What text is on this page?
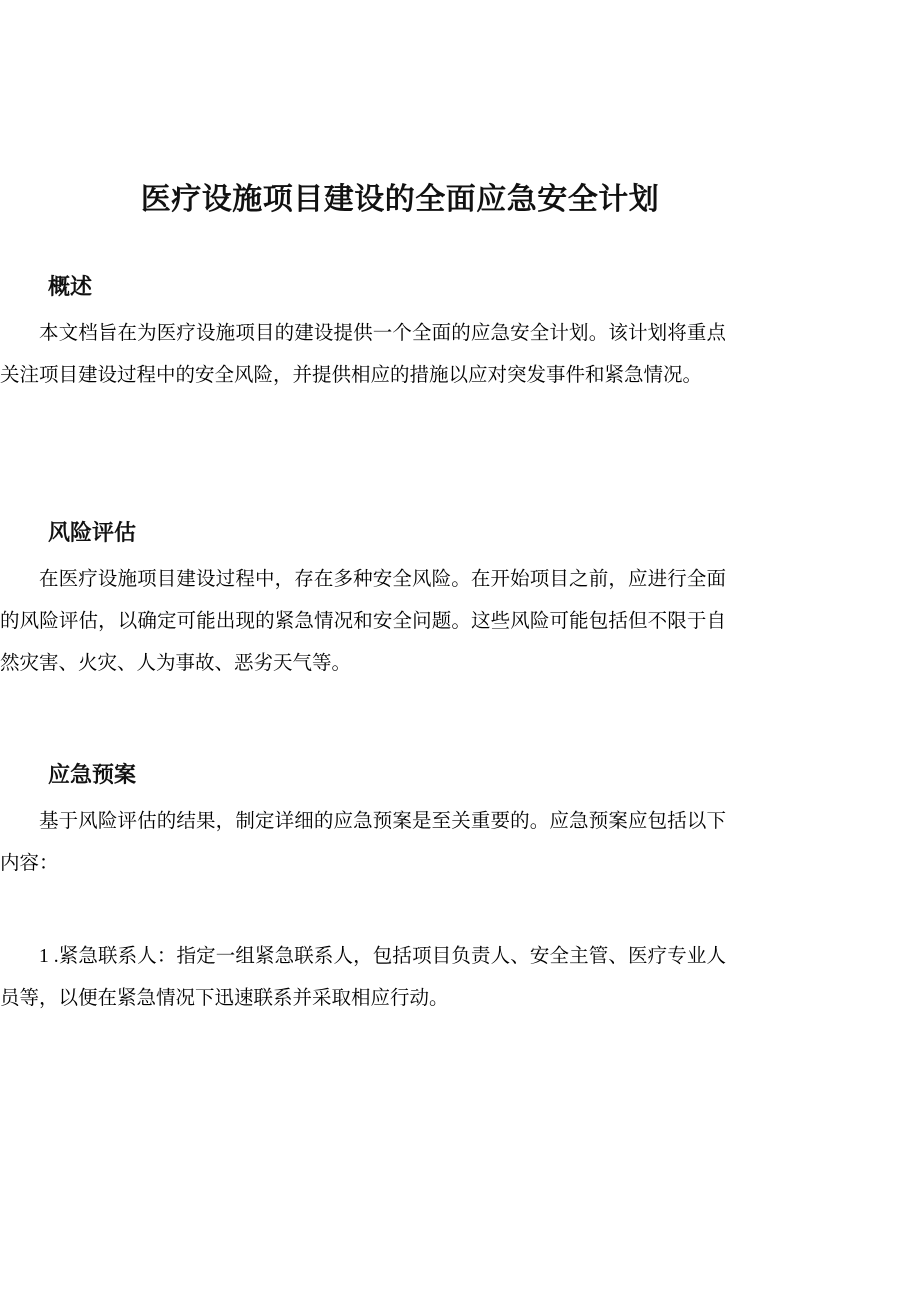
医疗设施项目建设的全面应急安全计划
概述

本文档旨在为医疗设施项目的建设提供一个全面的应急安全计划。该计划将重点关注项目建设过程中的安全风险，并提供相应的措施以应对突发事件和紧急情况。

风险评估

在医疗设施项目建设过程中，存在多种安全风险。在开始项目之前，应进行全面的风险评估，以确定可能出现的紧急情况和安全问题。这些风险可能包括但不限于自然灾害、火灾、人为事故、恶劣天气等。

应急预案

基于风险评估的结果，制定详细的应急预案是至关重要的。应急预案应包括以下内容：

1 .紧急联系人：指定一组紧急联系人，包括项目负责人、安全主管、医疗专业人员等，以便在紧急情况下迅速联系并采取相应行动。
